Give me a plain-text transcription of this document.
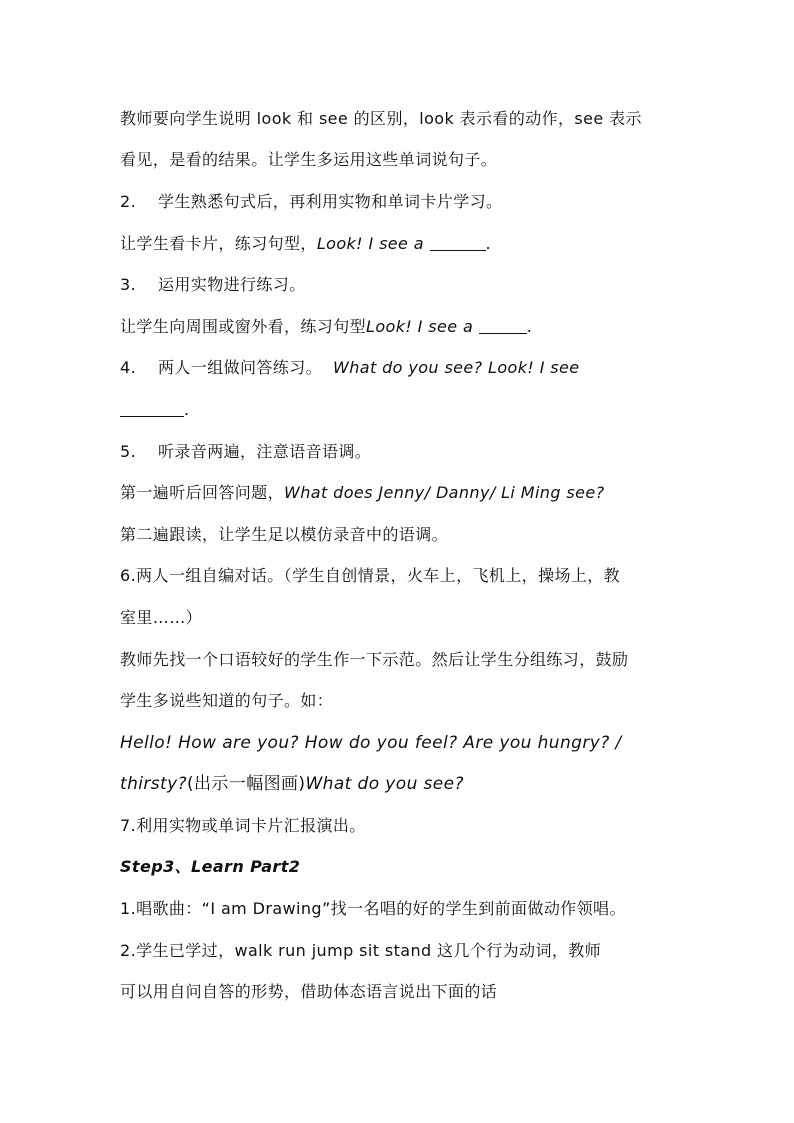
教师要向学生说明 look 和 see 的区别，look 表示看的动作，see 表示
看见，是看的结果。让学生多运用这些单词说句子。
2.	学生熟悉句式后，再利用实物和单词卡片学习。
让学生看卡片，练习句型， Look! I see a
	.
3.	运用实物进行练习。
让学生向周围或窗外看，练习句型 Look! I see a
	.
4.	两人一组做问答练习。
What do you see? Look! I see
.
5.	听录音两遍，注意语音语调。
第一遍听后回答问题， What does Jenny/ Danny/ Li Ming see?
第二遍跟读，让学生足以模仿录音中的语调。
6.两人一组自编对话。（学生自创情景，火车上，飞机上，操场上，教
室里……）
教师先找一个口语较好的学生作一下示范。然后让学生分组练习，鼓励
学生多说些知道的句子。如：
Hello! How are you? How do you feel? Are you hungry? /
thirsty? (出示一幅图画) What do you see?
7.利用实物或单词卡片汇报演出。
Step3、Learn Part2
1.唱歌曲：“I am Drawing”找一名唱的好的学生到前面做动作领唱。
2.学生已学过，walk run jump sit stand 这几个行为动词，教师
可以用自问自答的形势，借助体态语言说出下面的话
